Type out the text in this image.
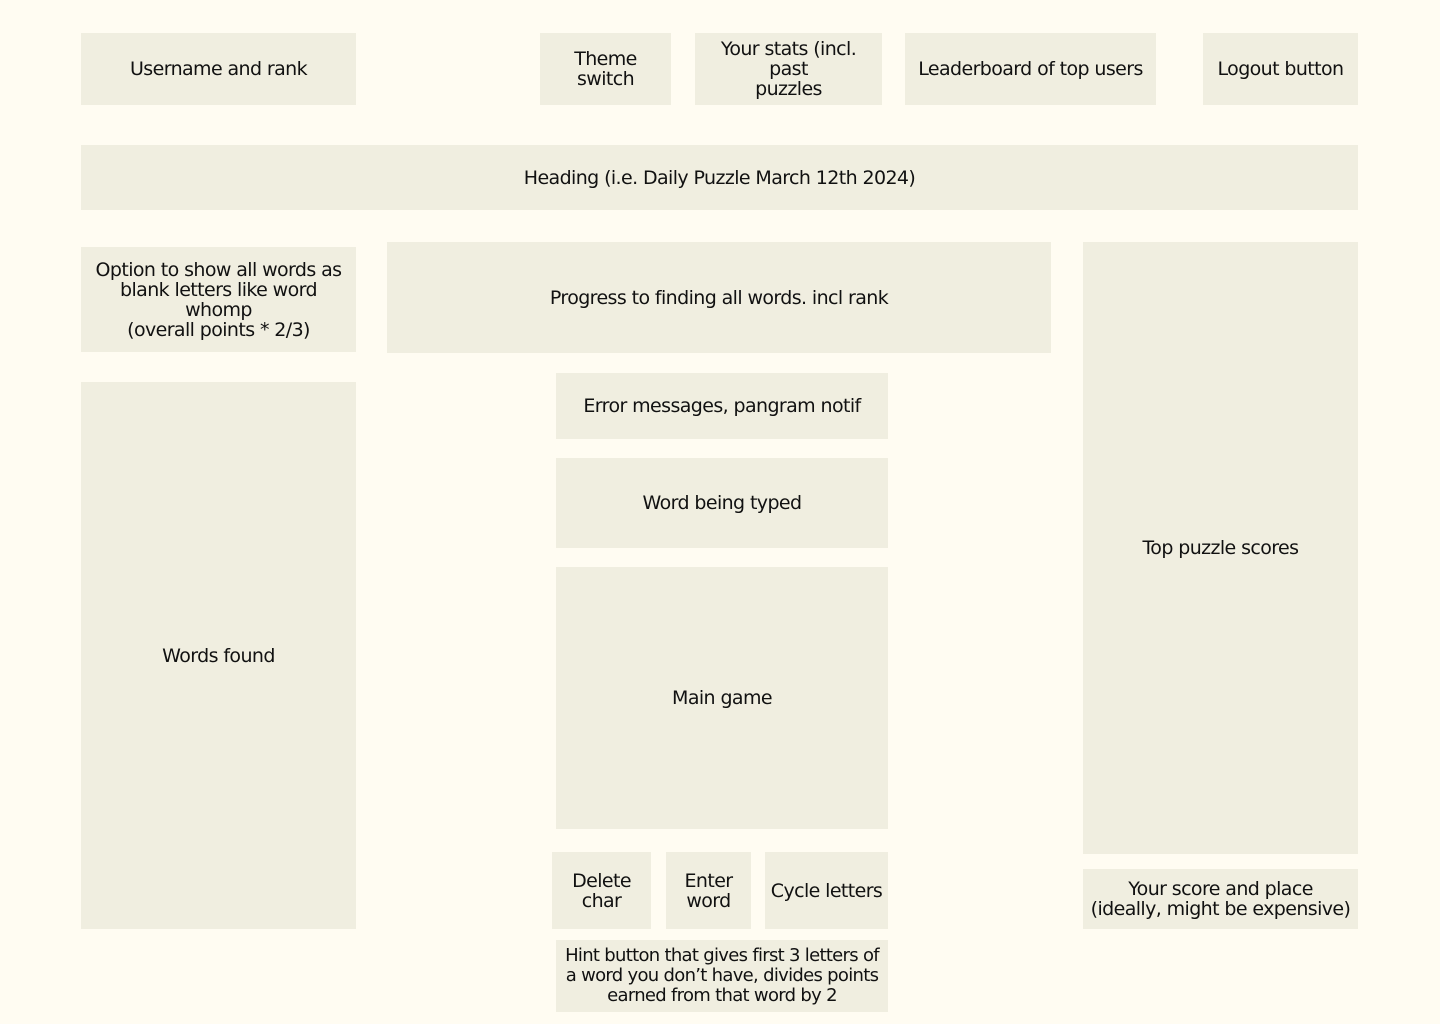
Username and rank	Theme switch
Your stats (incl. past
puzzles
Leaderboard of top users	Logout button
Heading (i.e. Daily Puzzle March 12th 2024)
Option to show all words as
blank letters like word whomp
(overall points * 2/3)
Progress to finding all words. incl rank
Top puzzle scores
Words found
Error messages, pangram notif
Word being typed
Main game
Delete
char
Enter
word	Cycle letters
Hint button that gives first 3 letters of
a word you don’t have, divides points
earned from that word by 2
Your score and place
(ideally, might be expensive)
